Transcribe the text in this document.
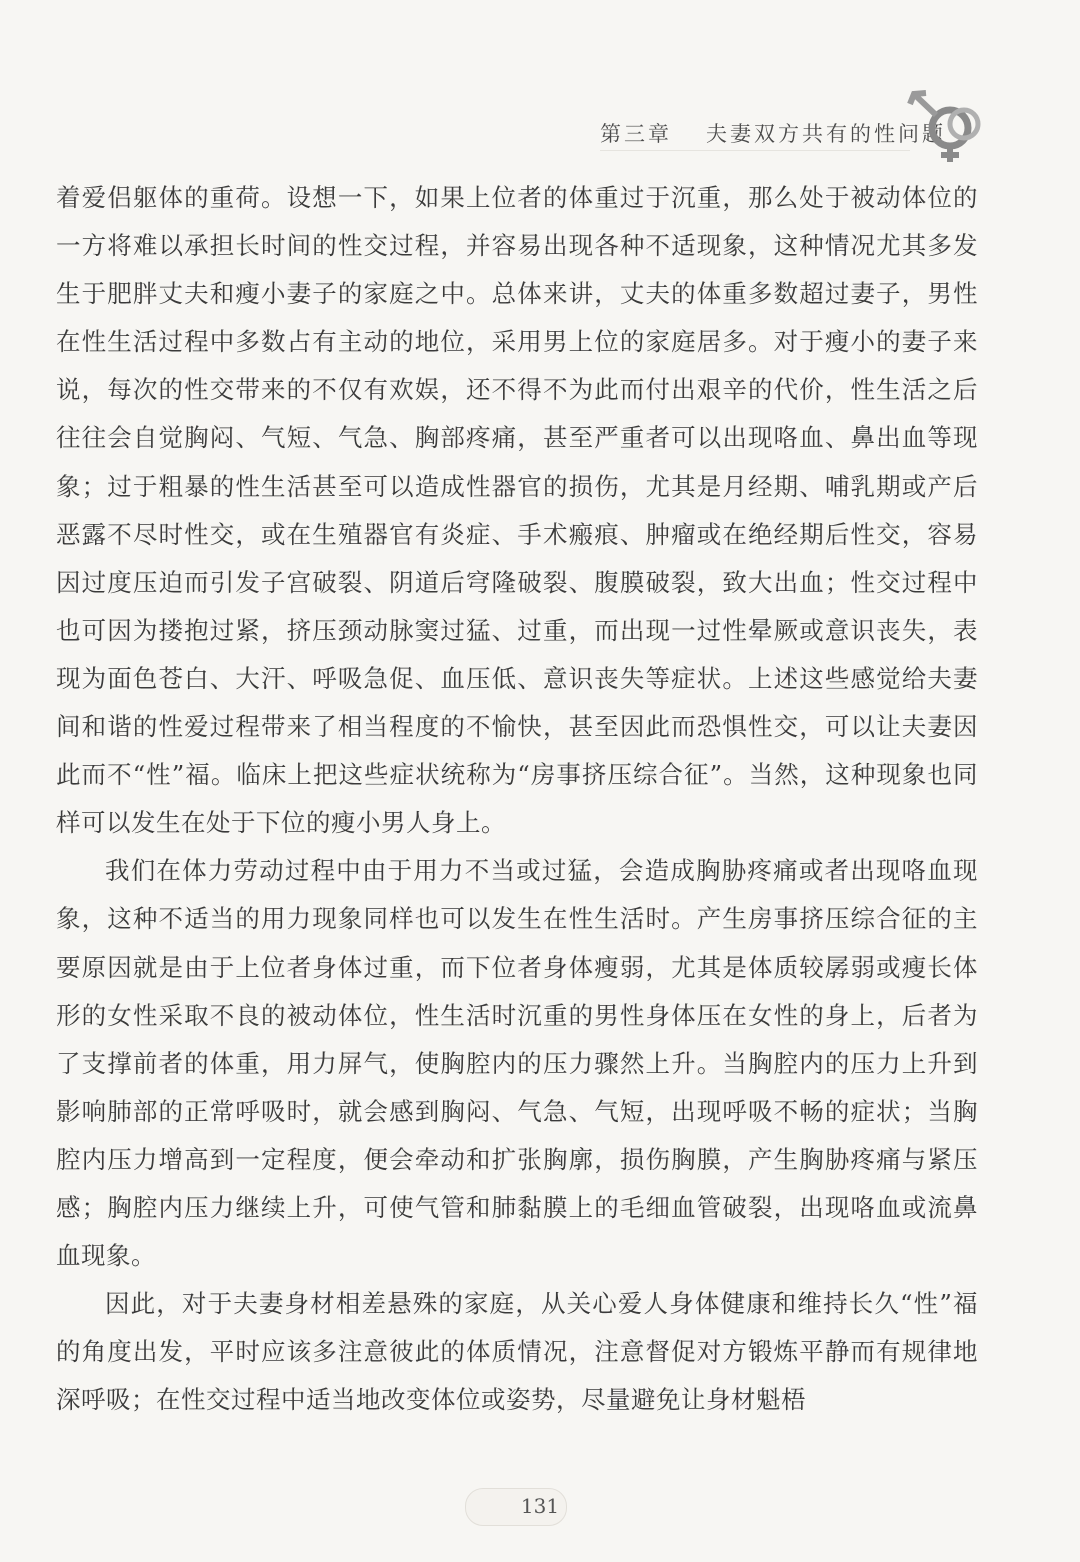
第三章 夫妻双方共有的性问题

着爱侣躯体的重荷。设想一下，如果上位者的体重过于沉重，那么处于被动体位的一方将难以承担长时间的性交过程，并容易出现各种不适现象，这种情况尤其多发生于肥胖丈夫和瘦小妻子的家庭之中。总体来讲，丈夫的体重多数超过妻子，男性在性生活过程中多数占有主动的地位，采用男上位的家庭居多。对于瘦小的妻子来说，每次的性交带来的不仅有欢娱，还不得不为此而付出艰辛的代价，性生活之后往往会自觉胸闷、气短、气急、胸部疼痛，甚至严重者可以出现咯血、鼻出血等现象；过于粗暴的性生活甚至可以造成性器官的损伤，尤其是月经期、哺乳期或产后恶露不尽时性交，或在生殖器官有炎症、手术瘢痕、肿瘤或在绝经期后性交，容易因过度压迫而引发子宫破裂、阴道后穹隆破裂、腹膜破裂，致大出血；性交过程中也可因为搂抱过紧，挤压颈动脉窦过猛、过重，而出现一过性晕厥或意识丧失，表现为面色苍白、大汗、呼吸急促、血压低、意识丧失等症状。上述这些感觉给夫妻间和谐的性爱过程带来了相当程度的不愉快，甚至因此而恐惧性交，可以让夫妻因此而不“性”福。临床上把这些症状统称为“房事挤压综合征”。当然，这种现象也同样可以发生在处于下位的瘦小男人身上。

我们在体力劳动过程中由于用力不当或过猛，会造成胸胁疼痛或者出现咯血现象，这种不适当的用力现象同样也可以发生在性生活时。产生房事挤压综合征的主要原因就是由于上位者身体过重，而下位者身体瘦弱，尤其是体质较孱弱或瘦长体形的女性采取不良的被动体位，性生活时沉重的男性身体压在女性的身上，后者为了支撑前者的体重，用力屏气，使胸腔内的压力骤然上升。当胸腔内的压力上升到影响肺部的正常呼吸时，就会感到胸闷、气急、气短，出现呼吸不畅的症状；当胸腔内压力增高到一定程度，便会牵动和扩张胸廓，损伤胸膜，产生胸胁疼痛与紧压感；胸腔内压力继续上升，可使气管和肺黏膜上的毛细血管破裂，出现咯血或流鼻血现象。

因此，对于夫妻身材相差悬殊的家庭，从关心爱人身体健康和维持长久“性”福的角度出发，平时应该多注意彼此的体质情况，注意督促对方锻炼平静而有规律地深呼吸；在性交过程中适当地改变体位或姿势，尽量避免让身材魁梧

131
